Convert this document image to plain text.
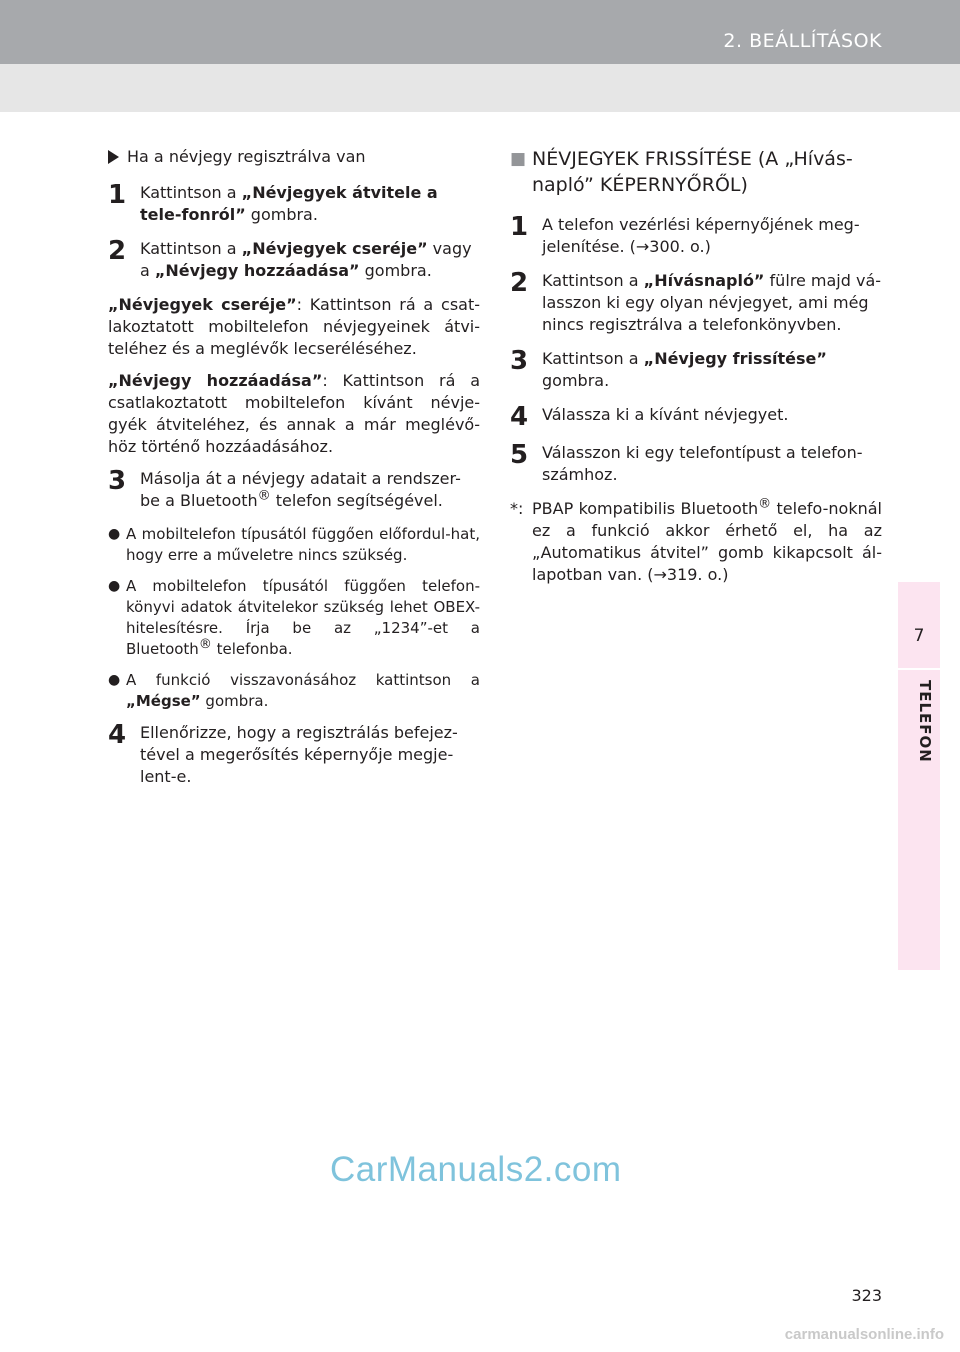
2. BEÁLLÍTÁSOK
7
TELEFON
Ha a névjegy regisztrálva van
1 Kattintson a „Névjegyek átvitele a tele-fonról” gombra.
2 Kattintson a „Névjegyek cseréje” vagy a „Névjegy hozzáadása” gombra.
„Névjegyek cseréje”: Kattintson rá a csat-lakoztatott mobiltelefon névjegyeinek átvi-teléhez és a meglévők lecseréléséhez.
„Névjegy hozzáadása”: Kattintson rá a csatlakoztatott mobiltelefon kívánt névje-gyék átviteléhez, és annak a már meglévő-höz történő hozzáadásához.
3 Másolja át a névjegy adatait a rendszer-be a Bluetooth® telefon segítségével.
● A mobiltelefon típusától függően előfordul-hat, hogy erre a műveletre nincs szükség.
● A mobiltelefon típusától függően telefon-könyvi adatok átvitelekor szükség lehet OBEX-hitelesítésre. Írja be az „1234”-et a Bluetooth® telefonba.
● A funkció visszavonásához kattintson a „Mégse” gombra.
4 Ellenőrizze, hogy a regisztrálás befejez-tével a megerősítés képernyője megje-lent-e.
■ NÉVJEGYEK FRISSÍTÉSE (A „Hívás-napló” KÉPERNYŐRŐL)
1 A telefon vezérlési képernyőjének meg-jelenítése. (→300. o.)
2 Kattintson a „Hívásnapló” fülre majd vá-lasszon ki egy olyan névjegyet, ami még nincs regisztrálva a telefonkönyvben.
3 Kattintson a „Névjegy frissítése” gombra.
4 Válassza ki a kívánt névjegyet.
5 Válasszon ki egy telefontípust a telefon-számhoz.
*: PBAP kompatibilis Bluetooth® telefo-noknál ez a funkció akkor érhető el, ha az „Automatikus átvitel” gomb kikapcsolt ál-lapotban van. (→319. o.)
CarManuals2.com
323
carmanualsonline.info
